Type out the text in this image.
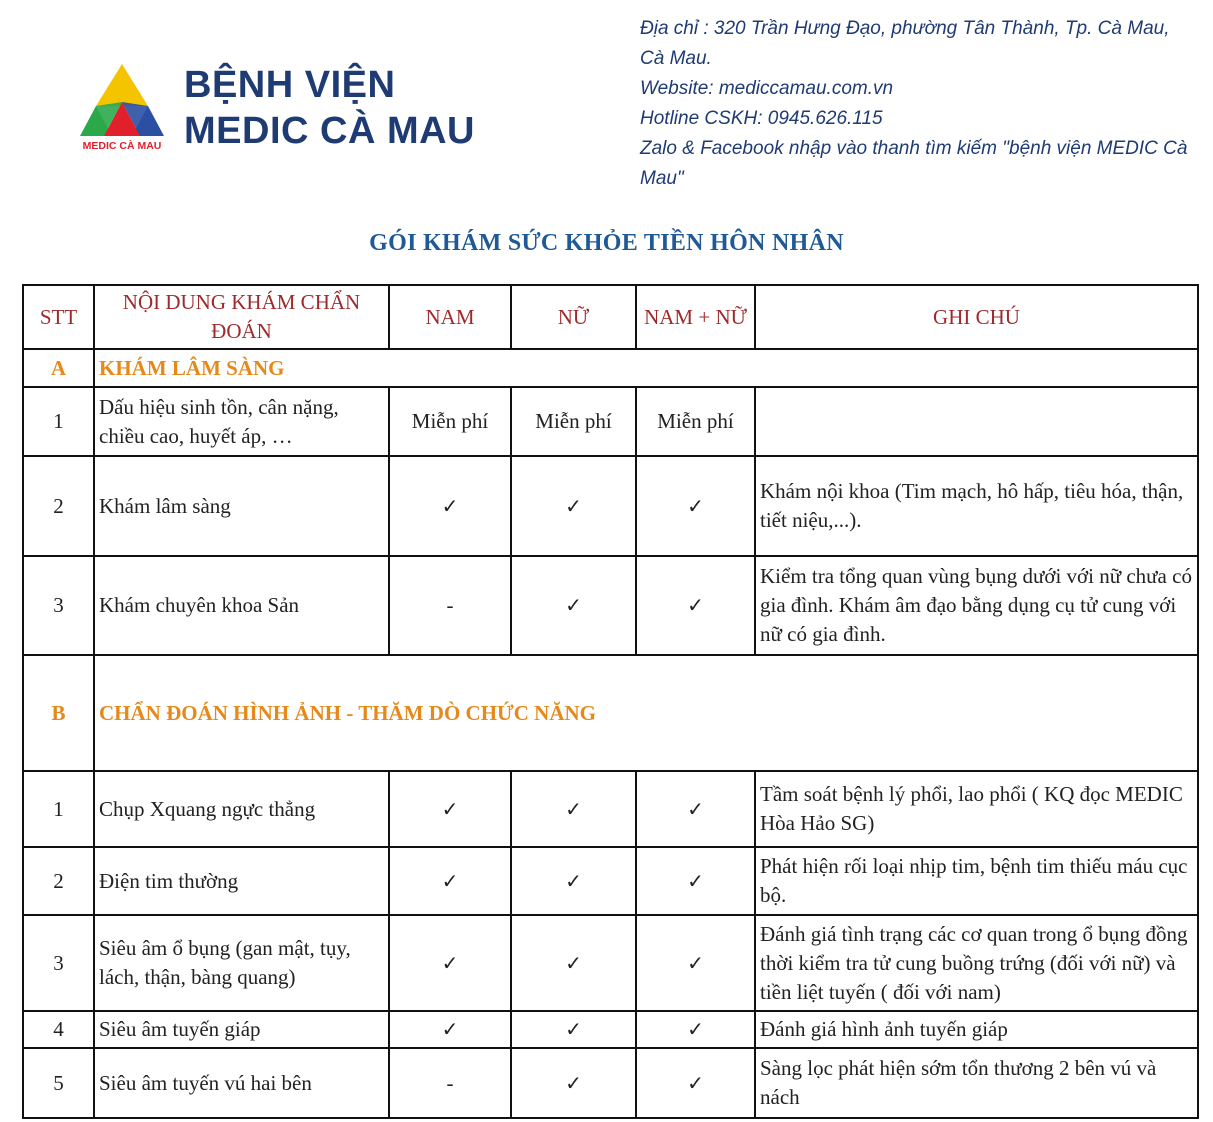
MEDIC CÀ MAU
BỆNH VIỆN
MEDIC CÀ MAU
Địa chỉ : 320 Trần Hưng Đạo, phường Tân Thành, Tp. Cà Mau,
Cà Mau.
Website: mediccamau.com.vn
Hotline CSKH: 0945.626.115
Zalo & Facebook nhập vào thanh tìm kiếm "bệnh viện MEDIC Cà
Mau"
GÓI KHÁM SỨC KHỎE TIỀN HÔN NHÂN
STT	NỘI DUNG KHÁM CHẨN ĐOÁN	NAM	NỮ	NAM + NỮ	GHI CHÚ
A	KHÁM LÂM SÀNG				
1	Dấu hiệu sinh tồn, cân nặng, chiều cao, huyết áp, …	Miễn phí	Miễn phí	Miễn phí	
2	Khám lâm sàng	✓	✓	✓	Khám nội khoa (Tim mạch, hô hấp, tiêu hóa, thận, tiết niệu,...).
3	Khám chuyên khoa Sản	-	✓	✓	Kiểm tra tổng quan vùng bụng dưới với nữ chưa có gia đình. Khám âm đạo bằng dụng cụ tử cung với nữ có gia đình.
B	CHẨN ĐOÁN HÌNH ẢNH - THĂM DÒ CHỨC NĂNG				
1	Chụp Xquang ngực thẳng	✓	✓	✓	Tầm soát bệnh lý phổi, lao phổi ( KQ đọc MEDIC Hòa Hảo SG)
2	Điện tim thường	✓	✓	✓	Phát hiện rối loại nhịp tim, bệnh tim thiếu máu cục bộ.
3	Siêu âm ổ bụng (gan mật, tụy, lách, thận, bàng quang)	✓	✓	✓	Đánh giá tình trạng các cơ quan trong ổ bụng đồng thời kiểm tra tử cung buồng trứng (đối với nữ) và tiền liệt tuyến ( đối với nam)
4	Siêu âm tuyến giáp	✓	✓	✓	Đánh giá hình ảnh tuyến giáp
5	Siêu âm tuyến vú hai bên	-	✓	✓	Sàng lọc phát hiện sớm tổn thương 2 bên vú và nách
